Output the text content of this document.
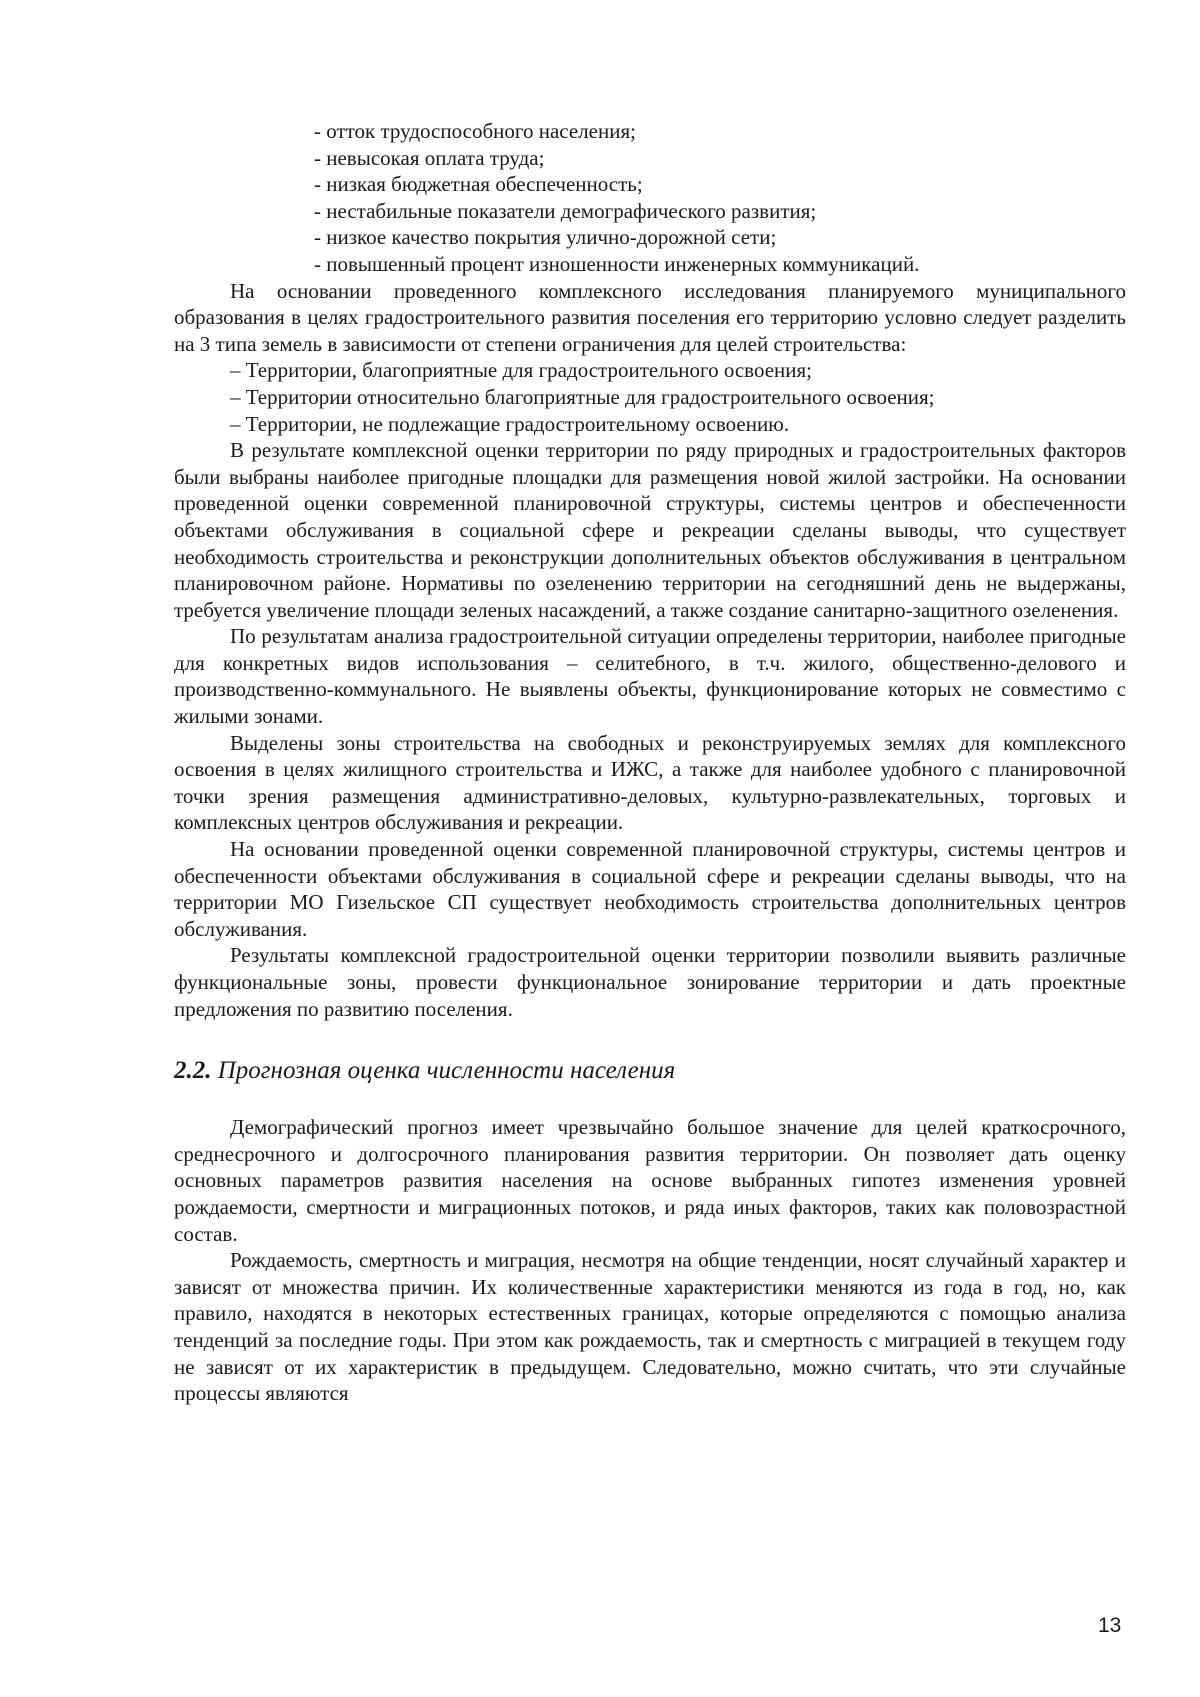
- отток трудоспособного населения;
- невысокая оплата труда;
- низкая бюджетная обеспеченность;
- нестабильные показатели демографического развития;
- низкое качество покрытия улично-дорожной сети;
- повышенный процент изношенности инженерных коммуникаций.

На основании проведенного комплексного исследования планируемого муниципального образования в целях градостроительного развития поселения его территорию условно следует разделить на 3 типа земель в зависимости от степени ограничения для целей строительства:

– Территории, благоприятные для градостроительного освоения;
– Территории относительно благоприятные для градостроительного освоения;
– Территории, не подлежащие градостроительному освоению.

В результате комплексной оценки территории по ряду природных и градостроительных факторов были выбраны наиболее пригодные площадки для размещения новой жилой застройки. На основании проведенной оценки современной планировочной структуры, системы центров и обеспеченности объектами обслуживания в социальной сфере и рекреации сделаны выводы, что существует необходимость строительства и реконструкции дополнительных объектов обслуживания в центральном планировочном районе. Нормативы по озеленению территории на сегодняшний день не выдержаны, требуется увеличение площади зеленых насаждений, а также создание санитарно-защитного озеленения.

По результатам анализа градостроительной ситуации определены территории, наиболее пригодные для конкретных видов использования – селитебного, в т.ч. жилого, общественно-делового и производственно-коммунального. Не выявлены объекты, функционирование которых не совместимо с жилыми зонами.

Выделены зоны строительства на свободных и реконструируемых землях для комплексного освоения в целях жилищного строительства и ИЖС, а также для наиболее удобного с планировочной точки зрения размещения административно-деловых, культурно-развлекательных, торговых и комплексных центров обслуживания и рекреации.

На основании проведенной оценки современной планировочной структуры, системы центров и обеспеченности объектами обслуживания в социальной сфере и рекреации сделаны выводы, что на территории МО Гизельское СП существует необходимость строительства дополнительных центров обслуживания.

Результаты комплексной градостроительной оценки территории позволили выявить различные функциональные зоны, провести функциональное зонирование территории и дать проектные предложения по развитию поселения.

2.2. Прогнозная оценка численности населения

Демографический прогноз имеет чрезвычайно большое значение для целей краткосрочного, среднесрочного и долгосрочного планирования развития территории. Он позволяет дать оценку основных параметров развития населения на основе выбранных гипотез изменения уровней рождаемости, смертности и миграционных потоков, и ряда иных факторов, таких как половозрастной состав.

Рождаемость, смертность и миграция, несмотря на общие тенденции, носят случайный характер и зависят от множества причин. Их количественные характеристики меняются из года в год, но, как правило, находятся в некоторых естественных границах, которые определяются с помощью анализа тенденций за последние годы. При этом как рождаемость, так и смертность с миграцией в текущем году не зависят от их характеристик в предыдущем. Следовательно, можно считать, что эти случайные процессы являются

13
